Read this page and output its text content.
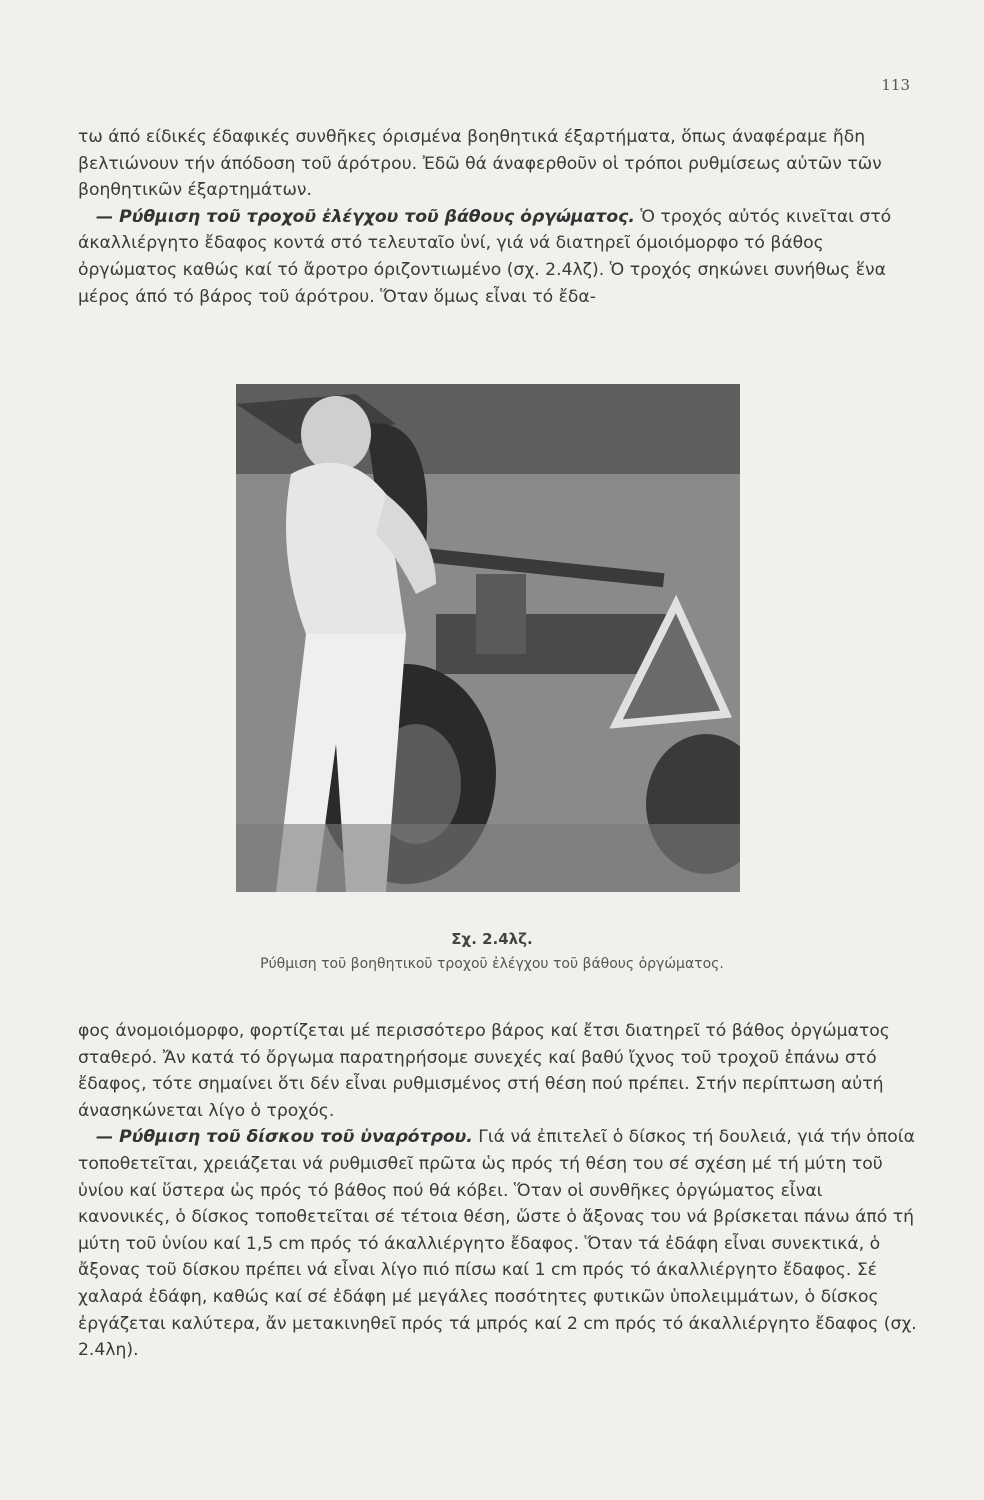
113

τω άπό είδικές έδαφικές συνθῆκες όρισμένα βοηθητικά έξαρτήματα, ὅπως άναφέραμε ἤδη βελτιώνουν τήν άπόδοση τοῦ άρότρου. Ἐδῶ θά άναφερθοῦν οἱ τρόποι ρυθμίσεως αὐτῶν τῶν βοηθητικῶν έξαρτημάτων.

— Ρύθμιση τοῦ τροχοῦ ἐλέγχου τοῦ βάθους ὀργώματος. Ὁ τροχός αὐτός κινεῖται στό άκαλλιέργητο ἔδαφος κοντά στό τελευταῖο ὑνί, γιά νά διατηρεῖ όμοιόμορφο τό βάθος ὀργώματος καθώς καί τό ἄροτρο όριζοντιωμένο (σχ. 2.4λζ). Ὁ τροχός σηκώνει συνήθως ἕνα μέρος άπό τό βάρος τοῦ άρότρου. Ὅταν ὅμως εἶναι τό ἔδα-

Σχ. 2.4λζ.
Ρύθμιση τοῦ βοηθητικοῦ τροχοῦ ἐλέγχου τοῦ βάθους ὀργώματος.

φος άνομοιόμορφο, φορτίζεται μέ περισσότερο βάρος καί ἔτσι διατηρεῖ τό βάθος ὀργώματος σταθερό. Ἄν κατά τό ὄργωμα παρατηρήσομε συνεχές καί βαθύ ἴχνος τοῦ τροχοῦ ἐπάνω στό ἔδαφος, τότε σημαίνει ὅτι δέν εἶναι ρυθμισμένος στή θέση πού πρέπει. Στήν περίπτωση αὐτή άνασηκώνεται λίγο ὁ τροχός.

— Ρύθμιση τοῦ δίσκου τοῦ ὑναρότρου. Γιά νά ἐπιτελεῖ ὁ δίσκος τή δουλειά, γιά τήν ὁποία τοποθετεῖται, χρειάζεται νά ρυθμισθεῖ πρῶτα ὡς πρός τή θέση του σέ σχέση μέ τή μύτη τοῦ ὑνίου καί ὕστερα ὡς πρός τό βάθος πού θά κόβει. Ὅταν οἱ συνθῆκες ὀργώματος εἶναι κανονικές, ὁ δίσκος τοποθετεῖται σέ τέτοια θέση, ὥστε ὁ ἄξονας του νά βρίσκεται πάνω άπό τή μύτη τοῦ ὑνίου καί 1,5 cm πρός τό άκαλλιέργητο ἔδαφος. Ὅταν τά ἐδάφη εἶναι συνεκτικά, ὁ ἄξονας τοῦ δίσκου πρέπει νά εἶναι λίγο πιό πίσω καί 1 cm πρός τό άκαλλιέργητο ἔδαφος. Σέ χαλαρά ἐδάφη, καθώς καί σέ ἐδάφη μέ μεγάλες ποσότητες φυτικῶν ὑπολειμμάτων, ὁ δίσκος ἐργάζεται καλύτερα, ἄν μετακινηθεῖ πρός τά μπρός καί 2 cm πρός τό άκαλλιέργητο ἔδαφος (σχ. 2.4λη).
